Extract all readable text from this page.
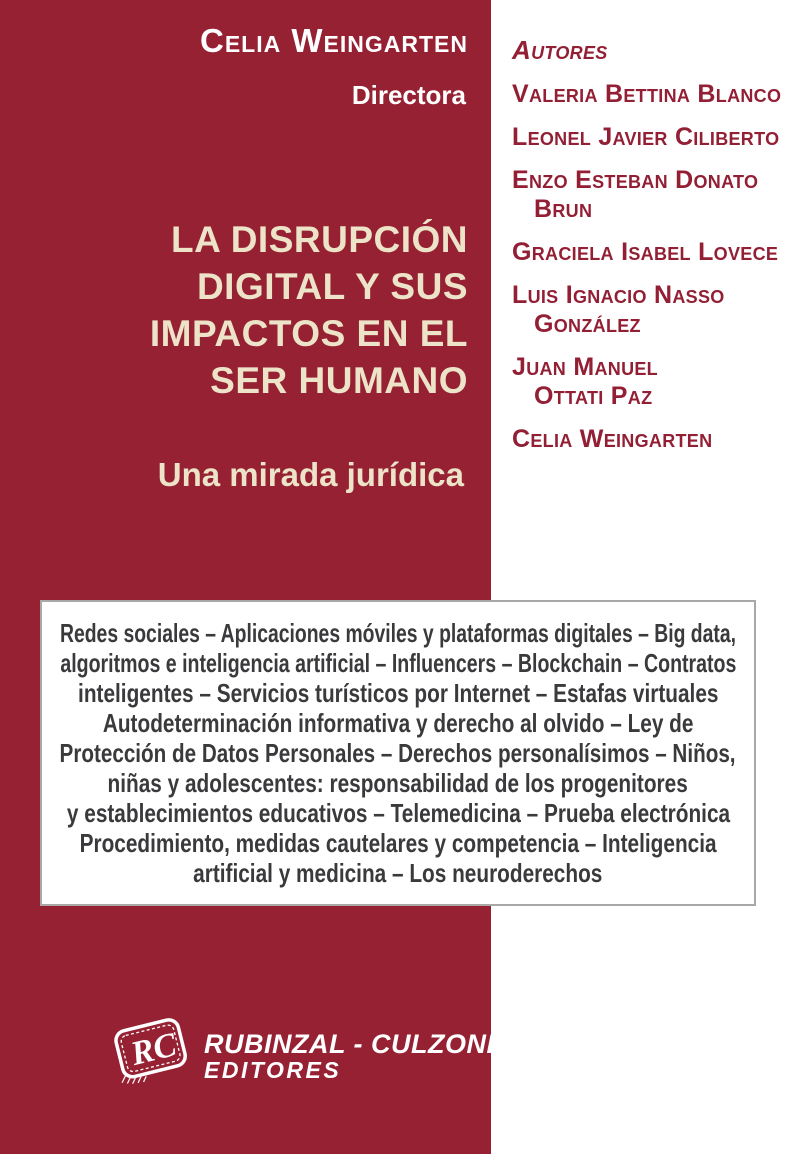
Celia Weingarten
Directora
LA DISRUPCIÓN
DIGITAL Y SUS
IMPACTOS EN EL
SER HUMANO
Una mirada jurídica
Autores
Valeria Bettina Blanco
Leonel Javier Ciliberto
Enzo Esteban Donato
Brun
Graciela Isabel Lovece
Luis Ignacio Nasso
González
Juan Manuel
Ottati Paz
Celia Weingarten
Redes sociales – Aplicaciones móviles y plataformas digitales – Big data,
algoritmos e inteligencia artificial – Influencers – Blockchain – Contratos
inteligentes – Servicios turísticos por Internet – Estafas virtuales
Autodeterminación informativa y derecho al olvido – Ley de
Protección de Datos Personales – Derechos personalísimos – Niños,
niñas y adolescentes: responsabilidad de los progenitores
y establecimientos educativos – Telemedicina – Prueba electrónica
Procedimiento, medidas cautelares y competencia – Inteligencia
artificial y medicina – Los neuroderechos
RC RUBINZAL - CULZONI
EDITORES
